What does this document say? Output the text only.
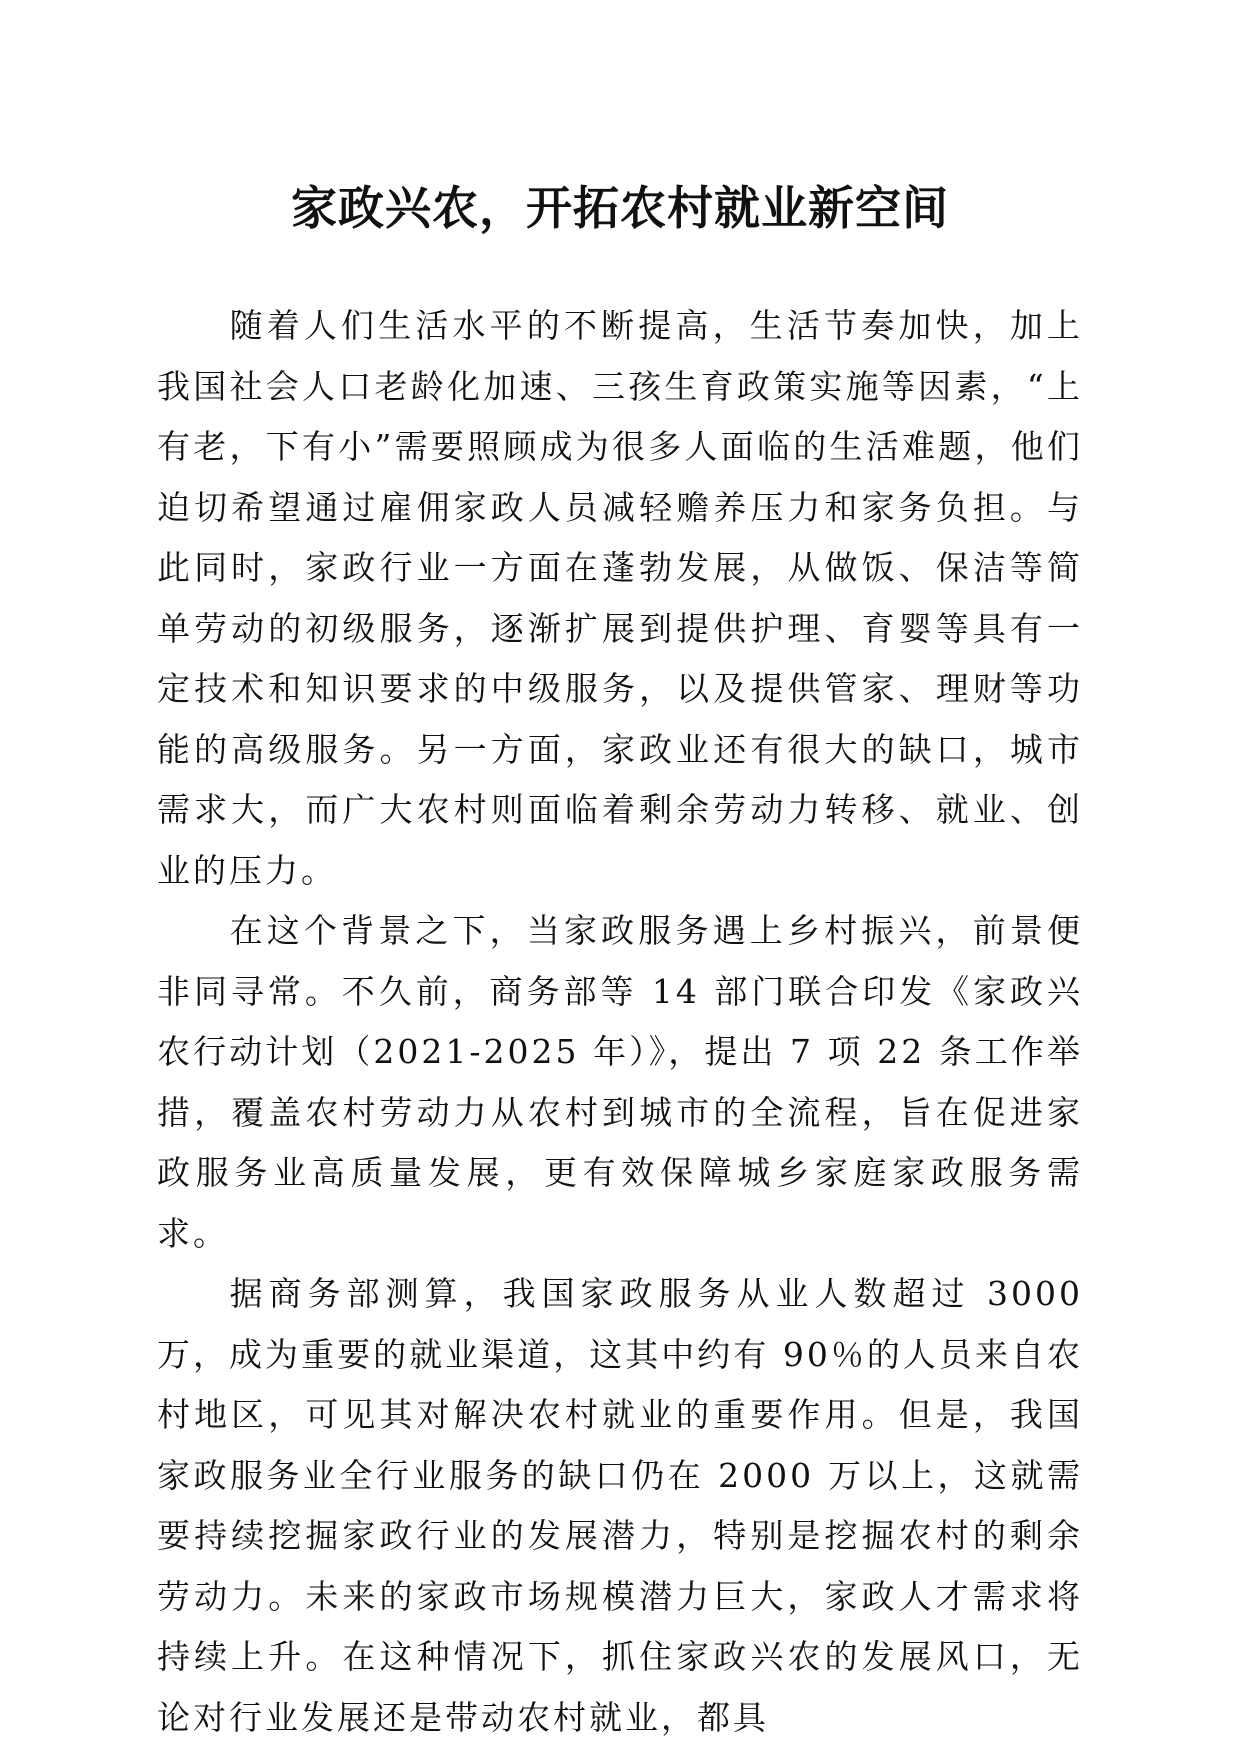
家政兴农，开拓农村就业新空间

随着人们生活水平的不断提高，生活节奏加快，加上我国社会人口老龄化加速、三孩生育政策实施等因素，“上有老，下有小”需要照顾成为很多人面临的生活难题，他们迫切希望通过雇佣家政人员减轻赡养压力和家务负担。与此同时，家政行业一方面在蓬勃发展，从做饭、保洁等简单劳动的初级服务，逐渐扩展到提供护理、育婴等具有一定技术和知识要求的中级服务，以及提供管家、理财等功能的高级服务。另一方面，家政业还有很大的缺口，城市需求大，而广大农村则面临着剩余劳动力转移、就业、创业的压力。

在这个背景之下，当家政服务遇上乡村振兴，前景便非同寻常。不久前，商务部等 14 部门联合印发《家政兴农行动计划（2021-2025 年）》，提出 7 项 22 条工作举措，覆盖农村劳动力从农村到城市的全流程，旨在促进家政服务业高质量发展，更有效保障城乡家庭家政服务需求。

据商务部测算，我国家政服务从业人数超过 3000 万，成为重要的就业渠道，这其中约有 90％的人员来自农村地区，可见其对解决农村就业的重要作用。但是，我国家政服务业全行业服务的缺口仍在 2000 万以上，这就需要持续挖掘家政行业的发展潜力，特别是挖掘农村的剩余劳动力。未来的家政市场规模潜力巨大，家政人才需求将持续上升。在这种情况下，抓住家政兴农的发展风口，无论对行业发展还是带动农村就业，都具
